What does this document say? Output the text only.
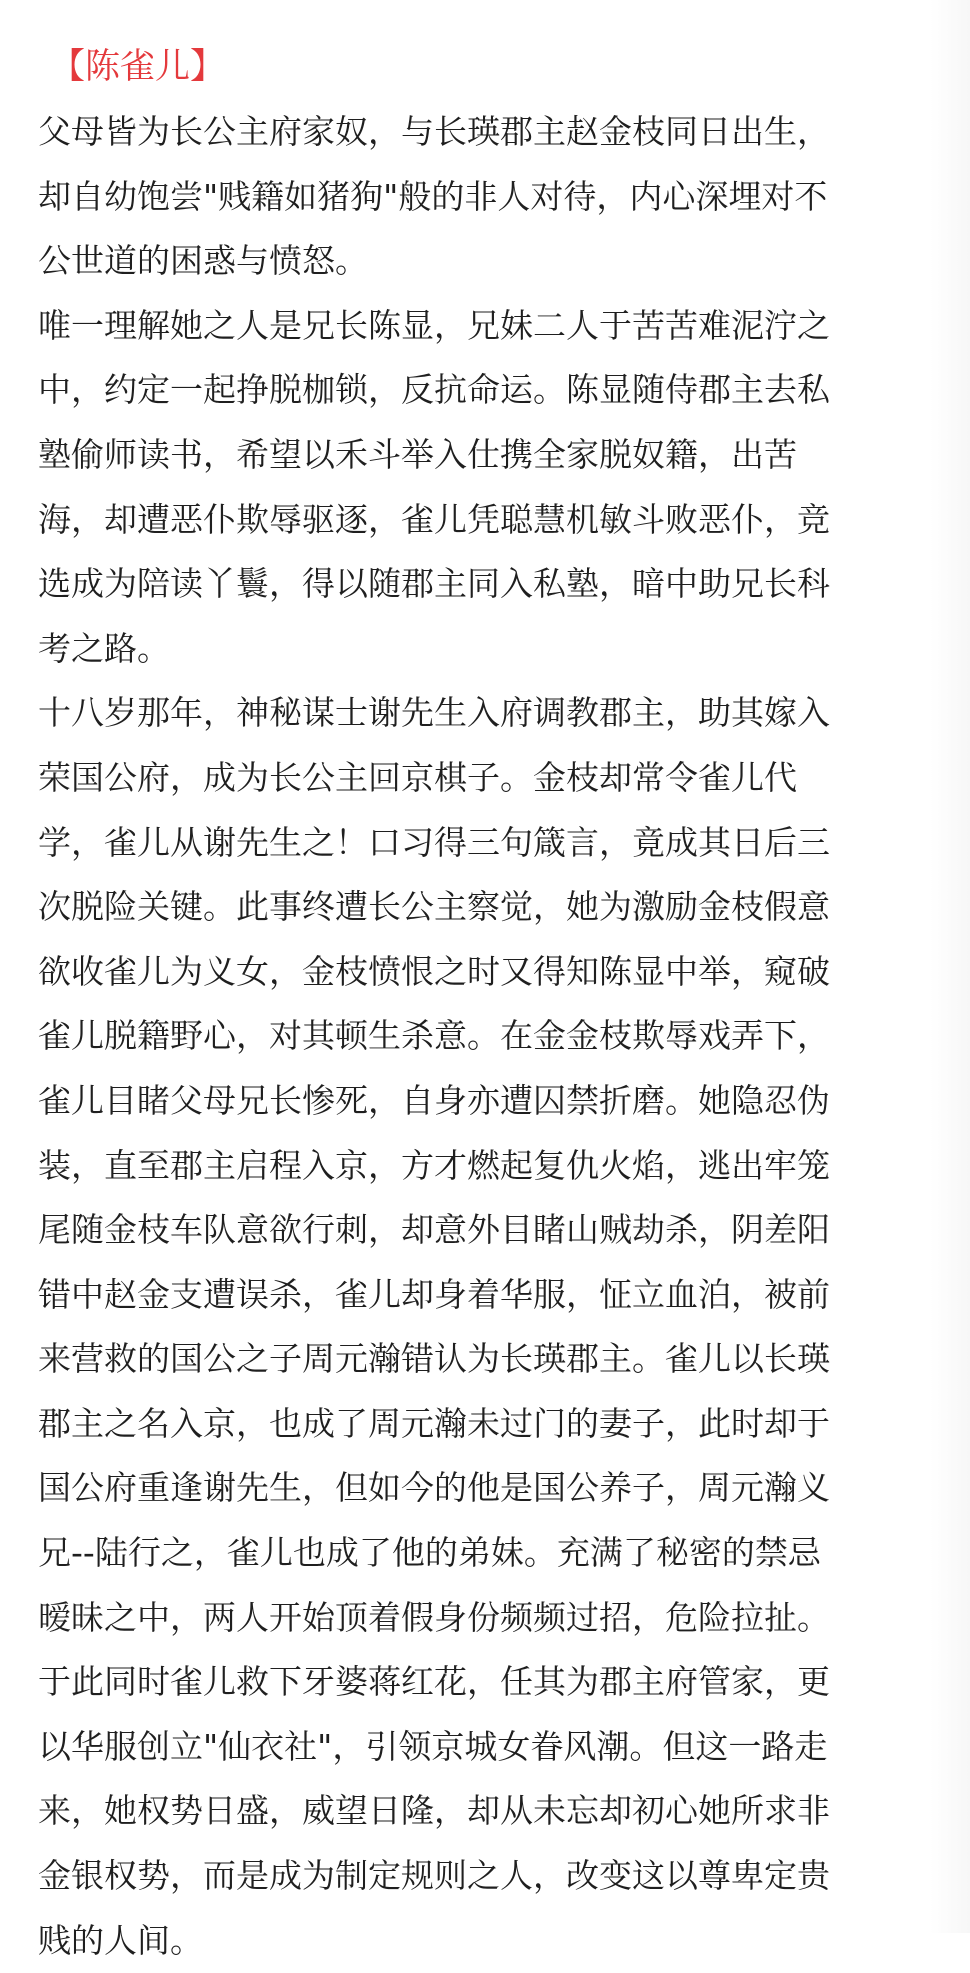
【陈雀儿】
父母皆为长公主府家奴，与长瑛郡主赵金枝同日出生，
却自幼饱尝"贱籍如猪狗"般的非人对待，内心深埋对不
公世道的困惑与愤怒。
唯一理解她之人是兄长陈显，兄妹二人于苦苦难泥泞之
中，约定一起挣脱枷锁，反抗命运。陈显随侍郡主去私
塾偷师读书，希望以禾斗举入仕携全家脱奴籍，出苦
海，却遭恶仆欺辱驱逐，雀儿凭聪慧机敏斗败恶仆，竞
选成为陪读丫鬟，得以随郡主同入私塾，暗中助兄长科
考之路。
十八岁那年，神秘谋士谢先生入府调教郡主，助其嫁入
荣国公府，成为长公主回京棋子。金枝却常令雀儿代
学，雀儿从谢先生之！口习得三句箴言，竟成其日后三
次脱险关键。此事终遭长公主察觉，她为激励金枝假意
欲收雀儿为义女，金枝愤恨之时又得知陈显中举，窥破
雀儿脱籍野心，对其顿生杀意。在金金枝欺辱戏弄下，
雀儿目睹父母兄长惨死，自身亦遭囚禁折磨。她隐忍伪
装，直至郡主启程入京，方才燃起复仇火焰，逃出牢笼
尾随金枝车队意欲行刺，却意外目睹山贼劫杀，阴差阳
错中赵金支遭误杀，雀儿却身着华服，怔立血泊，被前
来营救的国公之子周元瀚错认为长瑛郡主。雀儿以长瑛
郡主之名入京，也成了周元瀚未过门的妻子，此时却于
国公府重逢谢先生，但如今的他是国公养子，周元瀚义
兄--陆行之，雀儿也成了他的弟妹。充满了秘密的禁忌
暧昧之中，两人开始顶着假身份频频过招，危险拉扯。
于此同时雀儿救下牙婆蒋红花，任其为郡主府管家，更
以华服创立"仙衣社"，引领京城女眷风潮。但这一路走
来，她权势日盛，威望日隆，却从未忘却初心她所求非
金银权势，而是成为制定规则之人，改变这以尊卑定贵
贱的人间。
